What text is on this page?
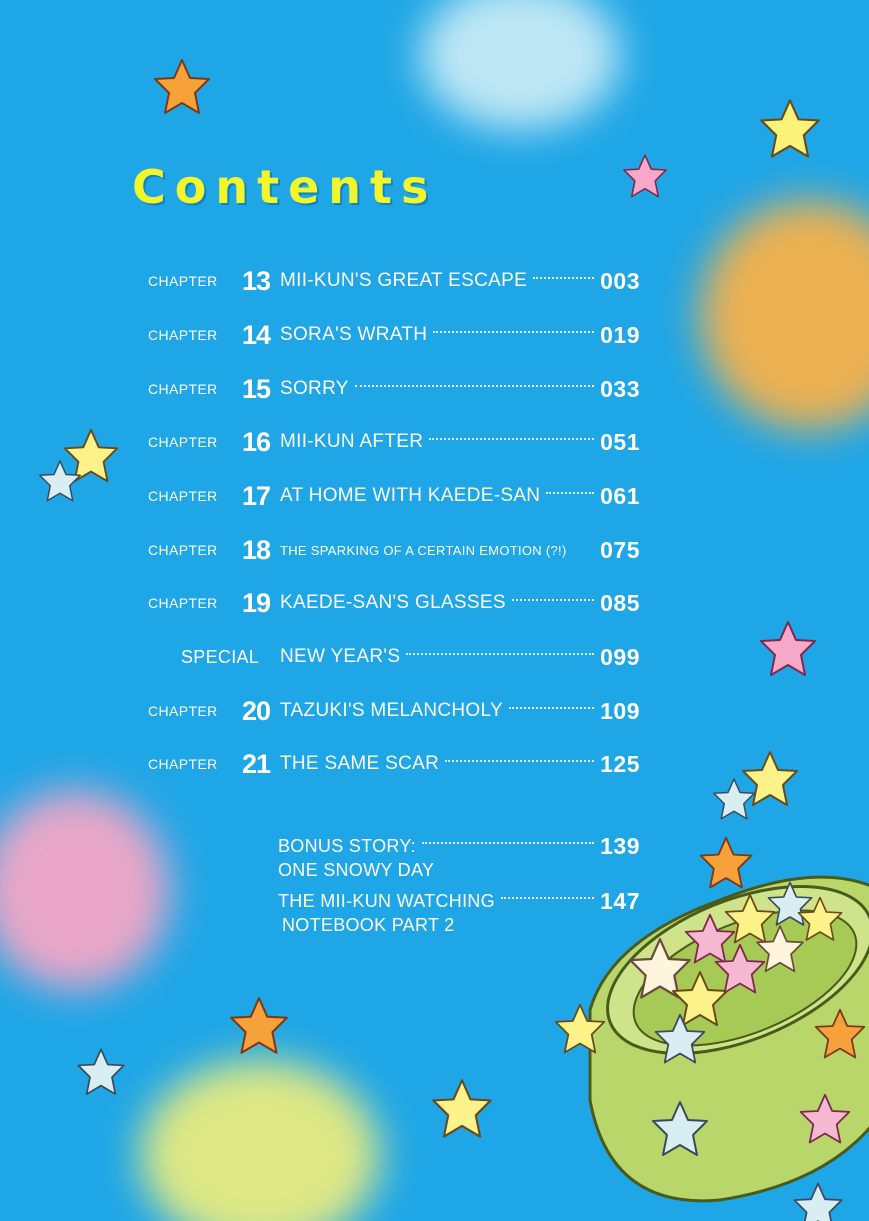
Contents
CHAPTER 13 MII-KUN'S GREAT ESCAPE	003
CHAPTER 14 SORA'S WRATH	019
CHAPTER 15 SORRY	033
CHAPTER 16 MII-KUN AFTER	051
CHAPTER 17 AT HOME WITH KAEDE-SAN	061
CHAPTER 18 THE SPARKING OF A CERTAIN EMOTION (?!) 075
CHAPTER 19 KAEDE-SAN'S GLASSES	085
SPECIAL	NEW YEAR'S	099
CHAPTER 20 TAZUKI'S MELANCHOLY	109
CHAPTER 21 THE SAME SCAR	125
BONUS STORY:	139
ONE SNOWY DAY
THE MII-KUN WATCHING	147
NOTEBOOK PART 2
